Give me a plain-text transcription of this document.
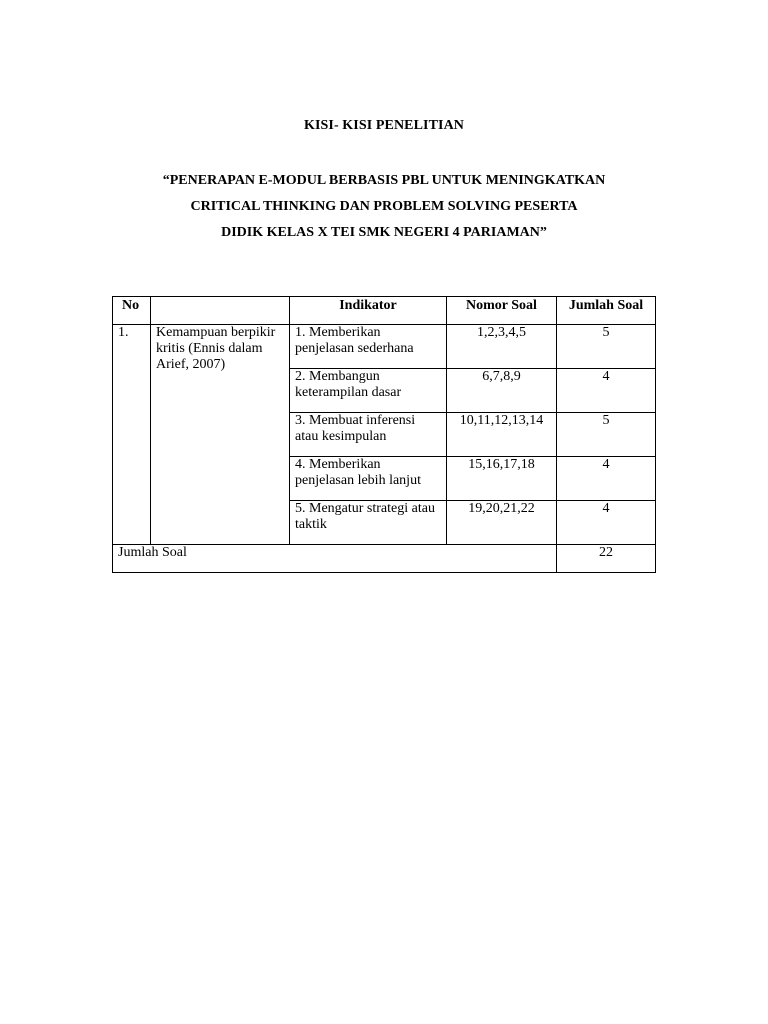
KISI- KISI PENELITIAN
“PENERAPAN E-MODUL BERBASIS PBL UNTUK MENINGKATKAN
CRITICAL THINKING DAN PROBLEM SOLVING PESERTA
DIDIK KELAS X TEI SMK NEGERI 4 PARIAMAN”
No		Indikator	Nomor Soal	Jumlah Soal
1.	Kemampuan berpikir kritis (Ennis dalam Arief, 2007)	1. Memberikan penjelasan sederhana	1,2,3,4,5	5
		2. Membangun keterampilan dasar	6,7,8,9	4
		3. Membuat inferensi atau kesimpulan	10,11,12,13,14	5
		4. Memberikan penjelasan lebih lanjut	15,16,17,18	4
		5. Mengatur strategi atau taktik	19,20,21,22	4
Jumlah Soal				22
